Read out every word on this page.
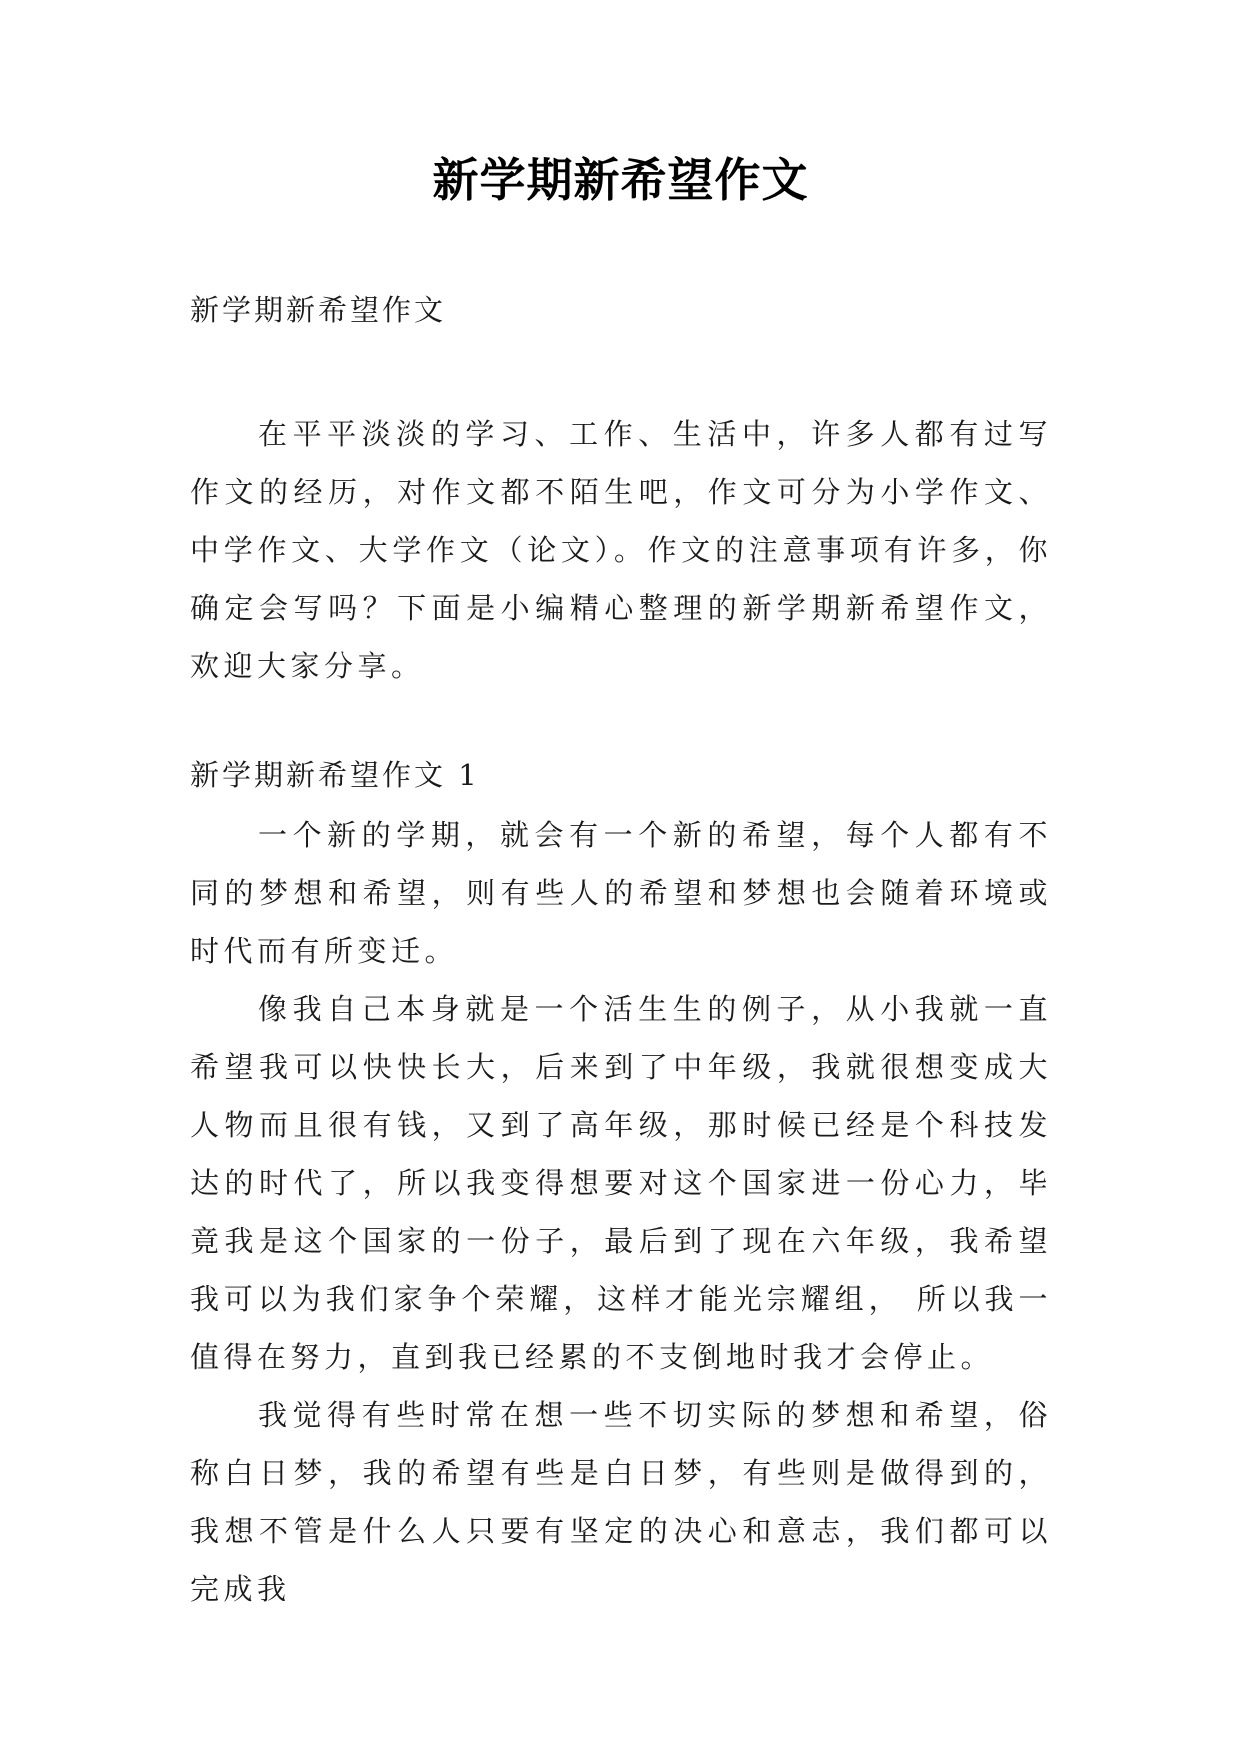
新学期新希望作文
新学期新希望作文

在平平淡淡的学习、工作、生活中，许多人都有过写作文的经历，对作文都不陌生吧，作文可分为小学作文、中学作文、大学作文（论文）。作文的注意事项有许多，你确定会写吗？下面是小编精心整理的新学期新希望作文，欢迎大家分享。

新学期新希望作文 1

一个新的学期，就会有一个新的希望，每个人都有不同的梦想和希望，则有些人的希望和梦想也会随着环境或时代而有所变迁。

像我自己本身就是一个活生生的例子，从小我就一直希望我可以快快长大，后来到了中年级，我就很想变成大人物而且很有钱，又到了高年级，那时候已经是个科技发达的时代了，所以我变得想要对这个国家进一份心力，毕竟我是这个国家的一份子，最后到了现在六年级，我希望我可以为我们家争个荣耀，这样才能光宗耀组， 所以我一值得在努力，直到我已经累的不支倒地时我才会停止。

我觉得有些时常在想一些不切实际的梦想和希望，俗称白日梦，我的希望有些是白日梦，有些则是做得到的，我想不管是什么人只要有坚定的决心和意志，我们都可以完成我
